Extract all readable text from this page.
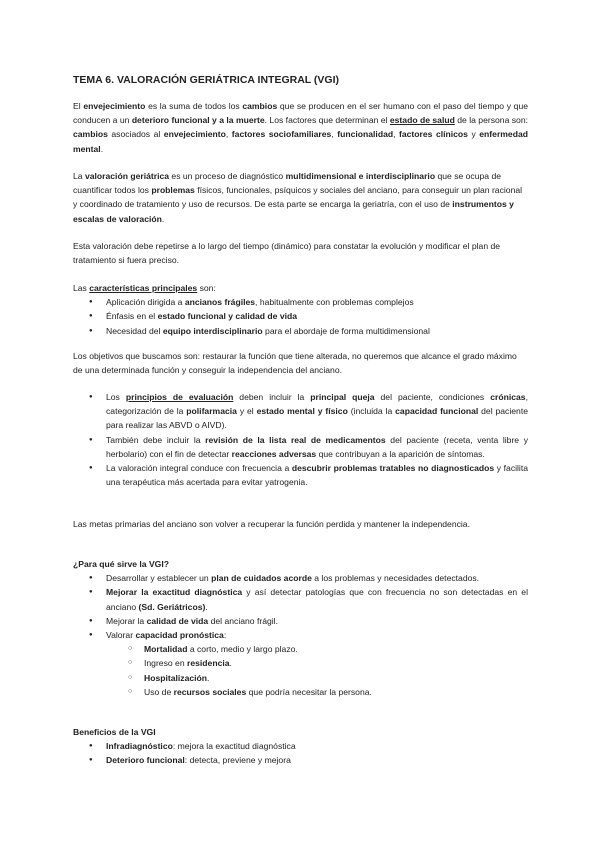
TEMA 6. VALORACIÓN GERIÁTRICA INTEGRAL (VGI)

El envejecimiento es la suma de todos los cambios que se producen en el ser humano con el paso del tiempo y que conducen a un deterioro funcional y a la muerte. Los factores que determinan el estado de salud de la persona son: cambios asociados al envejecimiento, factores sociofamiliares, funcionalidad, factores clínicos y enfermedad mental.

La valoración geriátrica es un proceso de diagnóstico multidimensional e interdisciplinario que se ocupa de cuantificar todos los problemas físicos, funcionales, psíquicos y sociales del anciano, para conseguir un plan racional y coordinado de tratamiento y uso de recursos. De esta parte se encarga la geriatría, con el uso de instrumentos y escalas de valoración.

Esta valoración debe repetirse a lo largo del tiempo (dinámico) para constatar la evolución y modificar el plan de tratamiento si fuera preciso.

Las características principales son:

● Aplicación dirigida a ancianos frágiles, habitualmente con problemas complejos
● Énfasis en el estado funcional y calidad de vida
● Necesidad del equipo interdisciplinario para el abordaje de forma multidimensional

Los objetivos que buscamos son: restaurar la función que tiene alterada, no queremos que alcance el grado máximo de una determinada función y conseguir la independencia del anciano.

● Los principios de evaluación deben incluir la principal queja del paciente, condiciones crónicas, categorización de la polifarmacia y el estado mental y físico (incluida la capacidad funcional del paciente para realizar las ABVD o AIVD).
● También debe incluir la revisión de la lista real de medicamentos del paciente (receta, venta libre y herbolario) con el fin de detectar reacciones adversas que contribuyan a la aparición de síntomas.
● La valoración integral conduce con frecuencia a descubrir problemas tratables no diagnosticados y facilita una terapéutica más acertada para evitar yatrogenia.

Las metas primarias del anciano son volver a recuperar la función perdida y mantener la independencia.

¿Para qué sirve la VGI?

● Desarrollar y establecer un plan de cuidados acorde a los problemas y necesidades detectados.
● Mejorar la exactitud diagnóstica y así detectar patologías que con frecuencia no son detectadas en el anciano (Sd. Geriátricos).
● Mejorar la calidad de vida del anciano frágil.
● Valorar capacidad pronóstica:
○ Mortalidad a corto, medio y largo plazo.
○ Ingreso en residencia.
○ Hospitalización.
○ Uso de recursos sociales que podría necesitar la persona.

Beneficios de la VGI

● Infradiagnóstico: mejora la exactitud diagnóstica
● Deterioro funcional: detecta, previene y mejora
